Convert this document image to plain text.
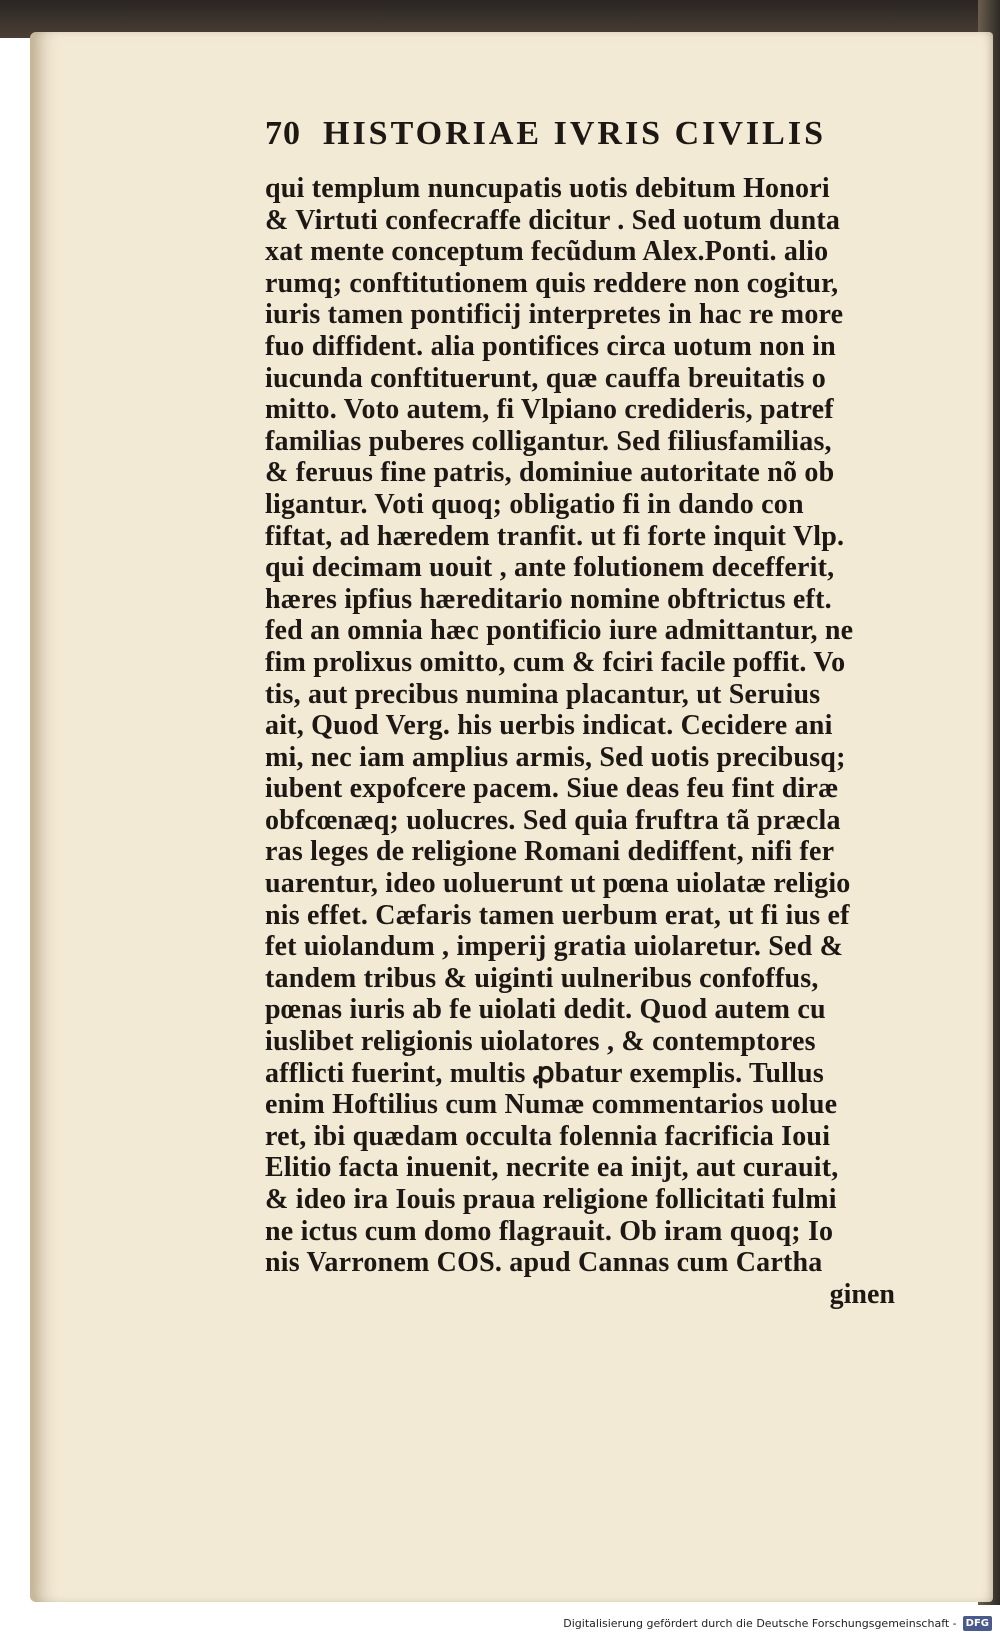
70 HISTORIAE IVRIS CIVILIS
qui templum nuncupatis uotis debitum Honori
& Virtuti confecraffe dicitur . Sed uotum dunta
xat mente conceptum fecũdum Alex.Ponti. alio
rumq; conftitutionem quis reddere non cogitur,
iuris tamen pontificij interpretes in hac re more
fuo diffident. alia pontifices circa uotum non in
iucunda conftituerunt, quæ cauffa breuitatis o
mitto. Voto autem, fi Vlpiano credideris, patref
familias puberes colligantur. Sed filiusfamilias,
& feruus fine patris, dominiue autoritate nõ ob
ligantur. Voti quoq; obligatio fi in dando con
fiftat, ad hæredem tranfit. ut fi forte inquit Vlp.
qui decimam uouit , ante folutionem decefferit,
hæres ipfius hæreditario nomine obftrictus eft.
fed an omnia hæc pontificio iure admittantur, ne
fim prolixus omitto, cum & fciri facile poffit. Vo
tis, aut precibus numina placantur, ut Seruius
ait, Quod Verg. his uerbis indicat. Cecidere ani
mi, nec iam amplius armis, Sed uotis precibusq;
iubent expofcere pacem. Siue deas feu fint diræ
obfcœnæq; uolucres. Sed quia fruftra tã præcla
ras leges de religione Romani dediffent, nifi fer
uarentur, ideo uoluerunt ut pœna uiolatæ religio
nis effet. Cæfaris tamen uerbum erat, ut fi ius ef
fet uiolandum , imperij gratia uiolaretur. Sed &
tandem tribus & uiginti uulneribus confoffus,
pœnas iuris ab fe uiolati dedit. Quod autem cu
iuslibet religionis uiolatores , & contemptores
afflicti fuerint, multis ꝓbatur exemplis. Tullus
enim Hoftilius cum Numæ commentarios uolue
ret, ibi quædam occulta folennia facrificia Ioui
Elitio facta inuenit, necrite ea inijt, aut curauit,
& ideo ira Iouis praua religione follicitati fulmi
ne ictus cum domo flagrauit. Ob iram quoq; Io
nis Varronem COS. apud Cannas cum Cartha
ginen
Digitalisierung gefördert durch die Deutsche Forschungsgemeinschaft - DFG
